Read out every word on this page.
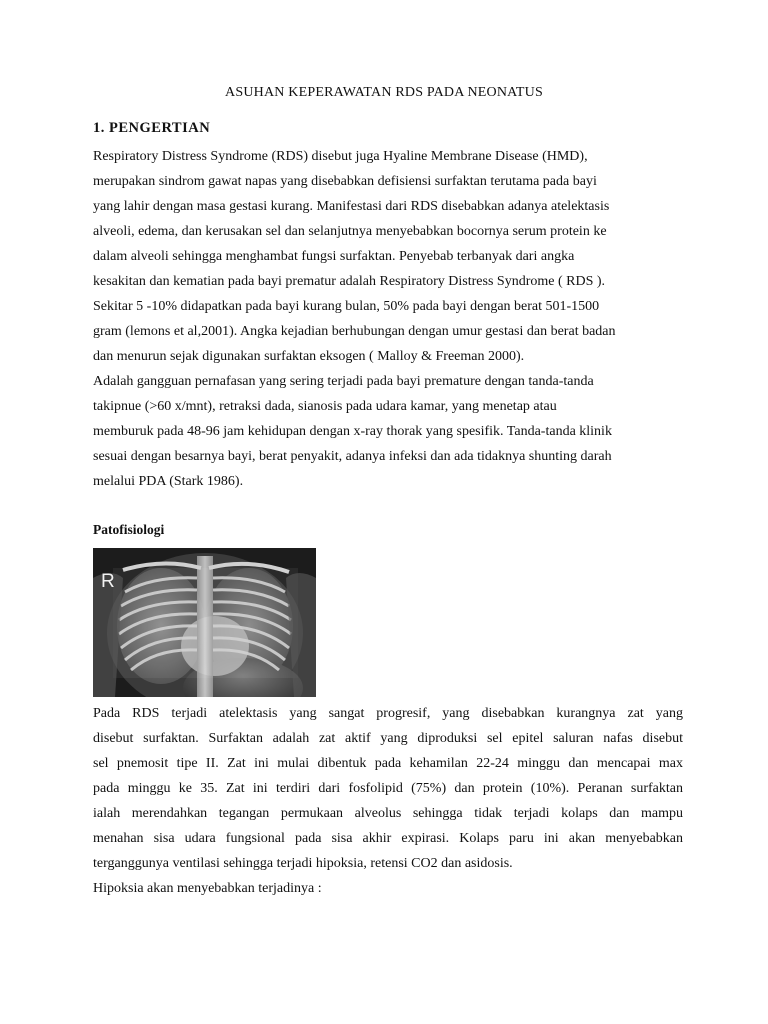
ASUHAN KEPERAWATAN RDS PADA NEONATUS
1. PENGERTIAN
Respiratory Distress Syndrome (RDS) disebut juga Hyaline Membrane Disease (HMD),
merupakan sindrom gawat napas yang disebabkan defisiensi surfaktan terutama pada bayi
yang lahir dengan masa gestasi kurang. Manifestasi dari RDS disebabkan adanya atelektasis
alveoli, edema, dan kerusakan sel dan selanjutnya menyebabkan bocornya serum protein ke
dalam alveoli sehingga menghambat fungsi surfaktan. Penyebab terbanyak dari angka
kesakitan dan kematian pada bayi prematur adalah Respiratory Distress Syndrome ( RDS ).
Sekitar 5 -10% didapatkan pada bayi kurang bulan, 50% pada bayi dengan berat 501-1500
gram (lemons et al,2001). Angka kejadian berhubungan dengan umur gestasi dan berat badan
dan menurun sejak digunakan surfaktan eksogen ( Malloy & Freeman 2000).
Adalah gangguan pernafasan yang sering terjadi pada bayi premature dengan tanda-tanda
takipnue (>60 x/mnt), retraksi dada, sianosis pada udara kamar, yang menetap atau
memburuk pada 48-96 jam kehidupan dengan x-ray thorak yang spesifik. Tanda-tanda klinik
sesuai dengan besarnya bayi, berat penyakit, adanya infeksi dan ada tidaknya shunting darah
melalui PDA (Stark 1986).
Patofisiologi
R
Pada RDS terjadi atelektasis yang sangat progresif, yang disebabkan kurangnya zat yang
disebut surfaktan. Surfaktan adalah zat aktif yang diproduksi sel epitel saluran nafas disebut
sel pnemosit tipe II. Zat ini mulai dibentuk pada kehamilan 22-24 minggu dan mencapai max
pada minggu ke 35. Zat ini terdiri dari fosfolipid (75%) dan protein (10%). Peranan surfaktan
ialah merendahkan tegangan permukaan alveolus sehingga tidak terjadi kolaps dan mampu
menahan sisa udara fungsional pada sisa akhir expirasi. Kolaps paru ini akan menyebabkan
terganggunya ventilasi sehingga terjadi hipoksia, retensi CO2 dan asidosis.
Hipoksia akan menyebabkan terjadinya :
